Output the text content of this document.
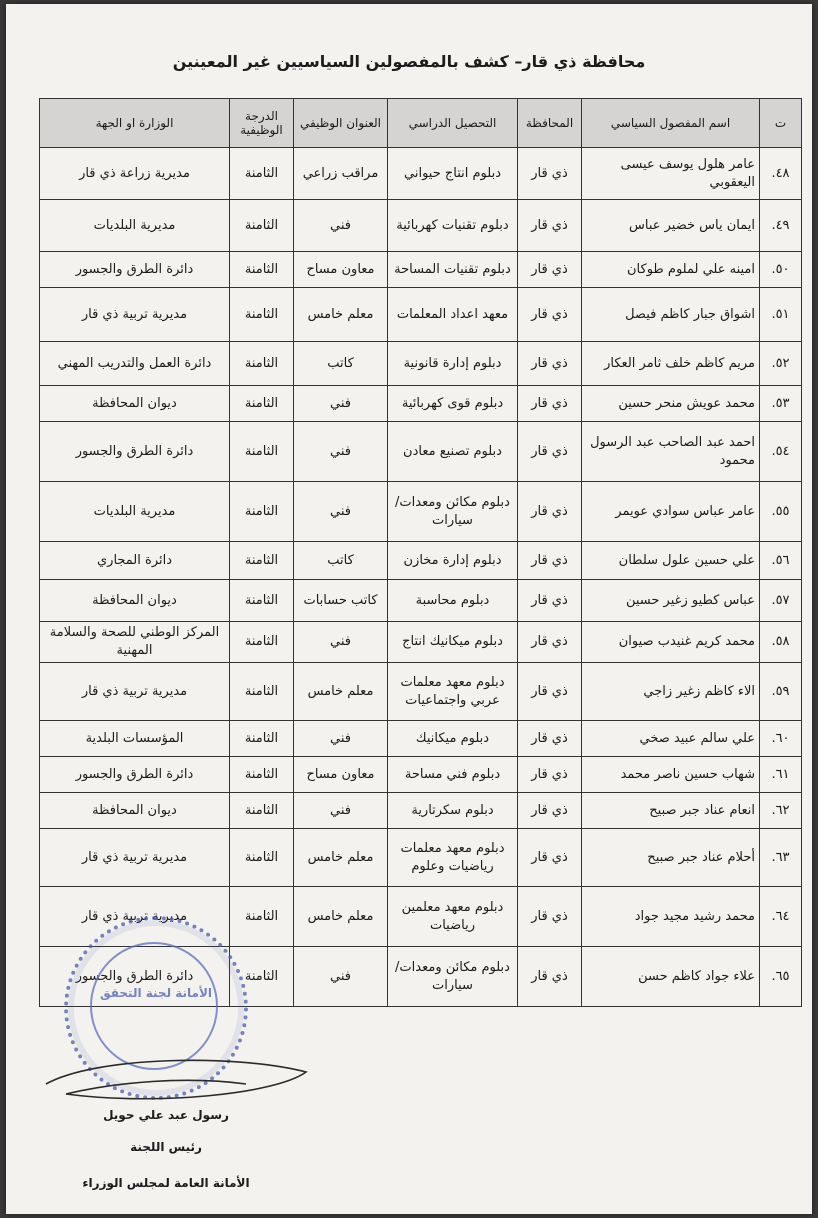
محافظة ذي قار– كشف بالمفصولين السياسيين غير المعينين
ت	اسم المفصول السياسي	المحافظة	التحصيل الدراسي	العنوان الوظيفي	الدرجة الوظيفية	الوزارة او الجهة
٤٨.	عامر هلول يوسف عيسى اليعقوبي	ذي قار	دبلوم انتاج حيواني	مراقب زراعي	الثامنة	مديرية زراعة ذي قار
٤٩.	ايمان ياس خضير عباس	ذي قار	دبلوم تقنيات كهربائية	فني	الثامنة	مديرية البلديات
٥٠.	امينه علي لملوم طوكان	ذي قار	دبلوم تقنيات المساحة	معاون مساح	الثامنة	دائرة الطرق والجسور
٥١.	اشواق جبار كاظم فيصل	ذي قار	معهد اعداد المعلمات	معلم خامس	الثامنة	مديرية تربية ذي قار
٥٢.	مريم كاظم خلف ثامر العكار	ذي قار	دبلوم إدارة قانونية	كاتب	الثامنة	دائرة العمل والتدريب المهني
٥٣.	محمد عويش منحر حسين	ذي قار	دبلوم قوى كهربائية	فني	الثامنة	ديوان المحافظة
٥٤.	احمد عبد الصاحب عبد الرسول محمود	ذي قار	دبلوم تصنيع معادن	فني	الثامنة	دائرة الطرق والجسور
٥٥.	عامر عباس سوادي عويمر	ذي قار	دبلوم مكائن ومعدات/سيارات	فني	الثامنة	مديرية البلديات
٥٦.	علي حسين علول سلطان	ذي قار	دبلوم إدارة مخازن	كاتب	الثامنة	دائرة المجاري
٥٧.	عباس كطيو زغير حسين	ذي قار	دبلوم محاسبة	كاتب حسابات	الثامنة	ديوان المحافظة
٥٨.	محمد كريم غنيدب صيوان	ذي قار	دبلوم ميكانيك انتاج	فني	الثامنة	المركز الوطني للصحة والسلامة المهنية
٥٩.	الاء كاظم زغير زاجي	ذي قار	دبلوم معهد معلمات عربي واجتماعيات	معلم خامس	الثامنة	مديرية تربية ذي قار
٦٠.	علي سالم عبيد صخي	ذي قار	دبلوم ميكانيك	فني	الثامنة	المؤسسات البلدية
٦١.	شهاب حسين ناصر محمد	ذي قار	دبلوم فني مساحة	معاون مساح	الثامنة	دائرة الطرق والجسور
٦٢.	انعام عناد جبر صبيح	ذي قار	دبلوم سكرتارية	فني	الثامنة	ديوان المحافظة
٦٣.	أحلام عناد جبر صبيح	ذي قار	دبلوم معهد معلمات رياضيات وعلوم	معلم خامس	الثامنة	مديرية تربية ذي قار
٦٤.	محمد رشيد مجيد جواد	ذي قار	دبلوم معهد معلمين رياضيات	معلم خامس	الثامنة	مديرية تربية ذي قار
٦٥.	علاء جواد كاظم حسن	ذي قار	دبلوم مكائن ومعدات/سيارات	فني	الثامنة	دائرة الطرق والجسور
الأمانة لجنة التحقق
رسول عبد علي حويل
رئيس اللجنة
الأمانة العامة لمجلس الوزراء
